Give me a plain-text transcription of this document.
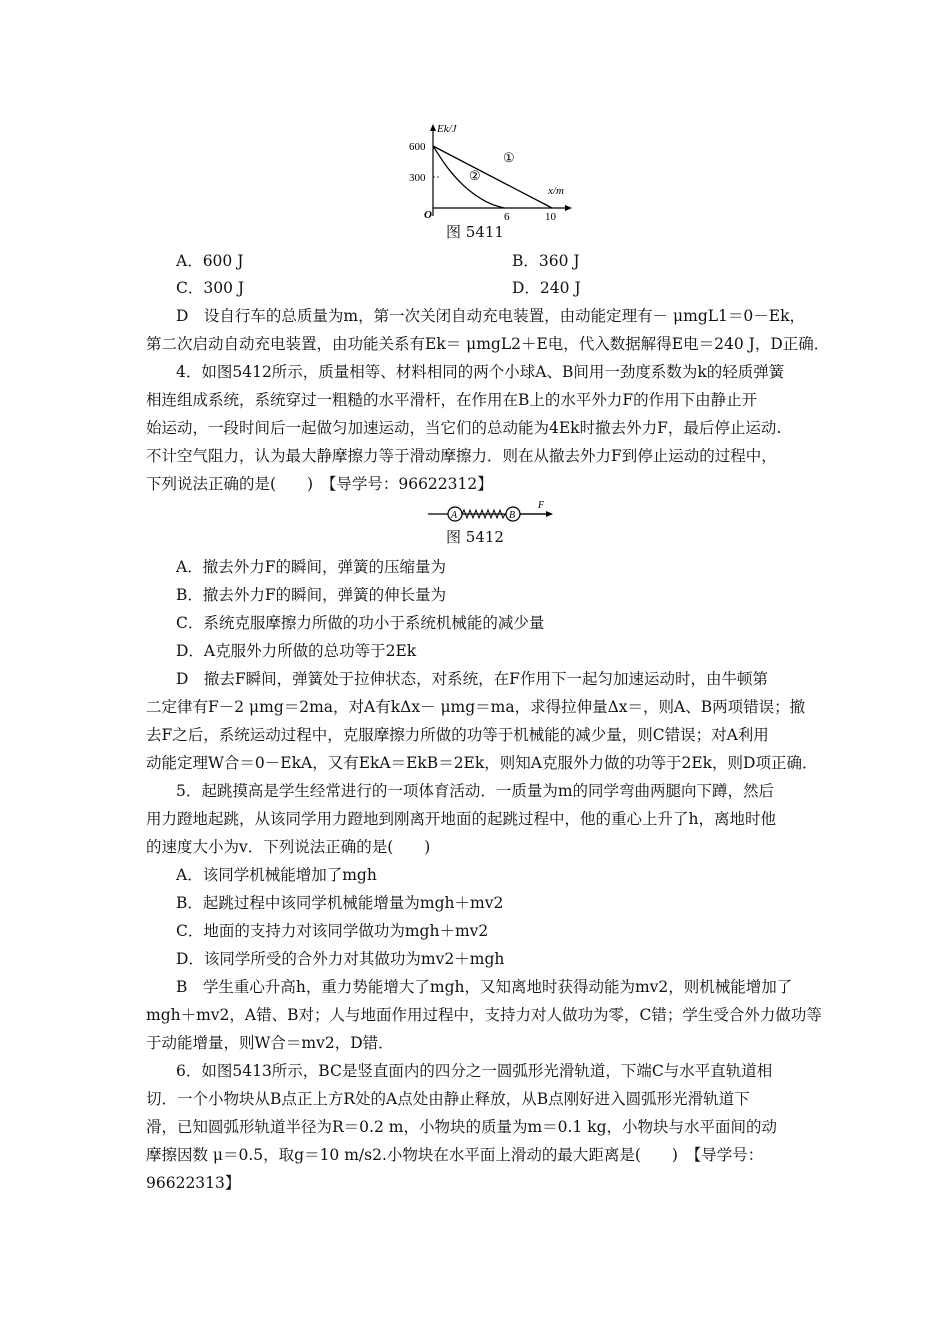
Ek/J
x/m
O
600
300
6	10
①
②
图 5411
A．600 J	B．360 J
C．300 J	D．240 J
D　设自行车的总质量为m，第一次关闭自动充电装置，由动能定理有－ μmgL1＝0－Ek，
第二次启动自动充电装置，由功能关系有Ek＝ μmgL2＋E电，代入数据解得E电＝240 J，D正确．
4．如图5412所示，质量相等、材料相同的两个小球A、B间用一劲度系数为k的轻质弹簧
相连组成系统，系统穿过一粗糙的水平滑杆，在作用在B上的水平外力F的作用下由静止开
始运动，一段时间后一起做匀加速运动，当它们的总动能为4Ek时撤去外力F，最后停止运动.
不计空气阻力，认为最大静摩擦力等于滑动摩擦力．则在从撤去外力F到停止运动的过程中，
下列说法正确的是(　　)　【导学号：96622312】
A	B
F
图 5412
A．撤去外力F的瞬间，弹簧的压缩量为
B．撤去外力F的瞬间，弹簧的伸长量为
C．系统克服摩擦力所做的功小于系统机械能的减少量
D．A克服外力所做的总功等于2Ek
D　撤去F瞬间，弹簧处于拉伸状态，对系统，在F作用下一起匀加速运动时，由牛顿第
二定律有F－2 μmg＝2ma，对A有kΔx－ μmg＝ma，求得拉伸量Δx＝，则A、B两项错误；撤
去F之后，系统运动过程中，克服摩擦力所做的功等于机械能的减少量，则C错误；对A利用
动能定理W合＝0－EkA，又有EkA＝EkB＝2Ek，则知A克服外力做的功等于2Ek，则D项正确．
5．起跳摸高是学生经常进行的一项体育活动．一质量为m的同学弯曲两腿向下蹲，然后
用力蹬地起跳，从该同学用力蹬地到刚离开地面的起跳过程中，他的重心上升了h，离地时他
的速度大小为v．下列说法正确的是(　　)
A．该同学机械能增加了mgh
B．起跳过程中该同学机械能增量为mgh＋mv2
C．地面的支持力对该同学做功为mgh＋mv2
D．该同学所受的合外力对其做功为mv2＋mgh
B　学生重心升高h，重力势能增大了mgh，又知离地时获得动能为mv2，则机械能增加了
mgh＋mv2，A错、B对；人与地面作用过程中，支持力对人做功为零，C错；学生受合外力做功等
于动能增量，则W合＝mv2，D错．
6．如图5413所示，BC是竖直面内的四分之一圆弧形光滑轨道，下端C与水平直轨道相
切．一个小物块从B点正上方R处的A点处由静止释放，从B点刚好进入圆弧形光滑轨道下
滑，已知圆弧形轨道半径为R＝0.2 m，小物块的质量为m＝0.1 kg，小物块与水平面间的动
摩擦因数 μ＝0.5，取g＝10 m/s2.小物块在水平面上滑动的最大距离是(　　)　【导学号：
96622313】
